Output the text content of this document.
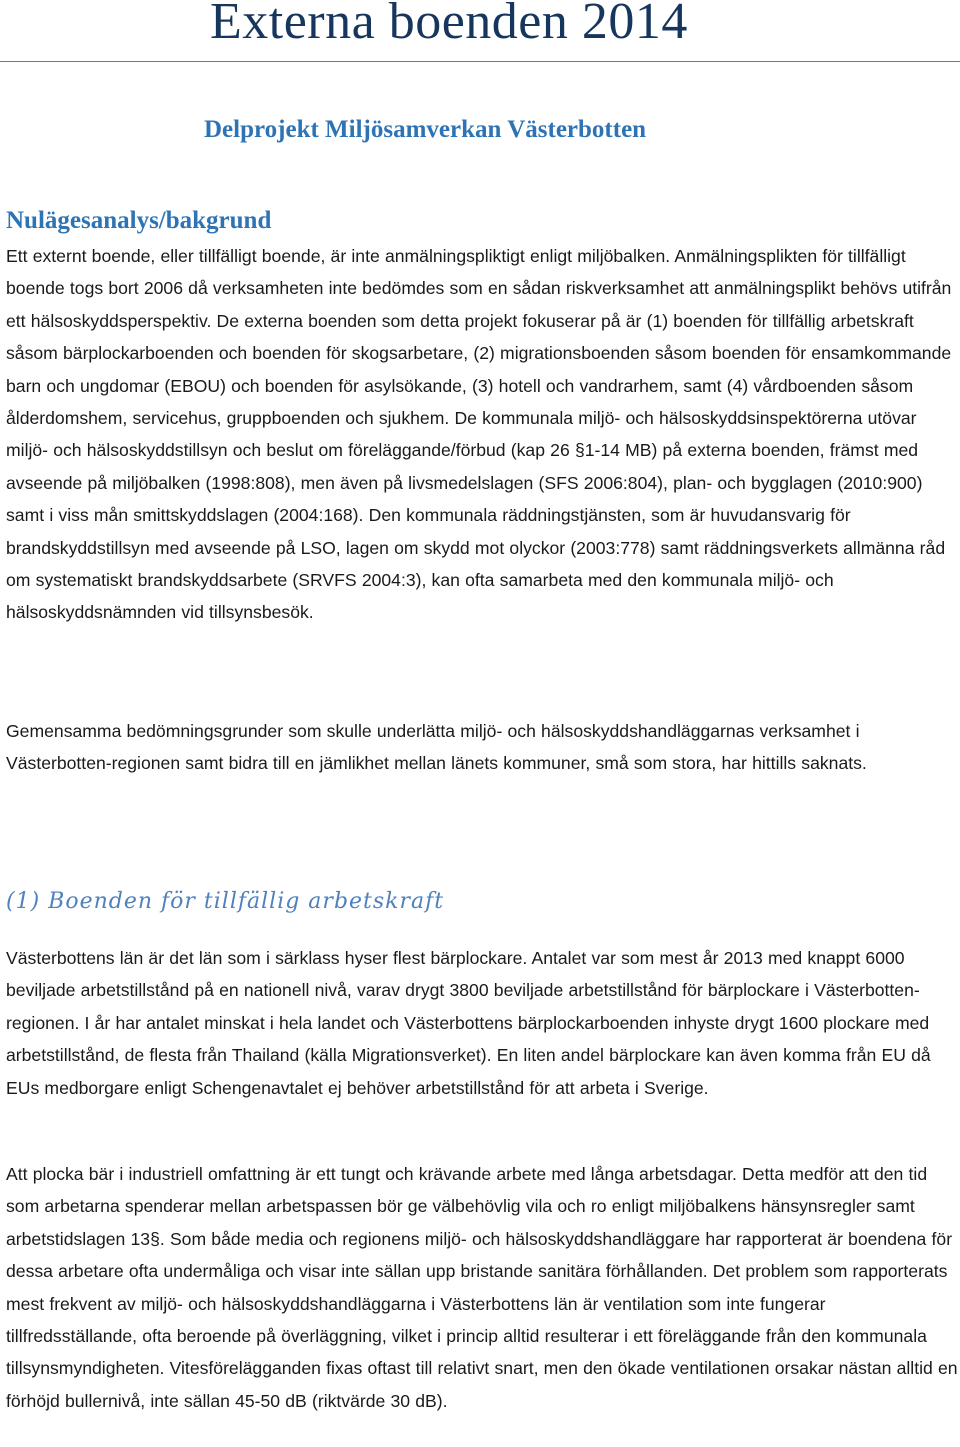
Externa boenden 2014
Delprojekt Miljösamverkan Västerbotten
Nulägesanalys/bakgrund

Ett externt boende, eller tillfälligt boende, är inte anmälningspliktigt enligt miljöbalken. Anmälningsplikten för tillfälligt boende togs bort 2006 då verksamheten inte bedömdes som en sådan riskverksamhet att anmälningsplikt behövs utifrån ett hälsoskyddsperspektiv. De externa boenden som detta projekt fokuserar på är (1) boenden för tillfällig arbetskraft såsom bärplockarboenden och boenden för skogsarbetare, (2) migrationsboenden såsom boenden för ensamkommande barn och ungdomar (EBOU) och boenden för asylsökande, (3) hotell och vandrarhem, samt (4) vårdboenden såsom ålderdomshem, servicehus, gruppboenden och sjukhem. De kommunala miljö- och hälsoskyddsinspektörerna utövar miljö- och hälsoskyddstillsyn och beslut om föreläggande/förbud (kap 26 §1-14 MB) på externa boenden, främst med avseende på miljöbalken (1998:808), men även på livsmedelslagen (SFS 2006:804), plan- och bygglagen (2010:900) samt i viss mån smittskyddslagen (2004:168). Den kommunala räddningstjänsten, som är huvudansvarig för brandskyddstillsyn med avseende på LSO, lagen om skydd mot olyckor (2003:778) samt räddningsverkets allmänna råd om systematiskt brandskyddsarbete (SRVFS 2004:3), kan ofta samarbeta med den kommunala miljö- och hälsoskyddsnämnden vid tillsynsbesök.

Gemensamma bedömningsgrunder som skulle underlätta miljö- och hälsoskyddshandläggarnas verksamhet i Västerbotten-regionen samt bidra till en jämlikhet mellan länets kommuner, små som stora, har hittills saknats.

(1) Boenden för tillfällig arbetskraft

Västerbottens län är det län som i särklass hyser flest bärplockare. Antalet var som mest år 2013 med knappt 6000 beviljade arbetstillstånd på en nationell nivå, varav drygt 3800 beviljade arbetstillstånd för bärplockare i Västerbotten-regionen. I år har antalet minskat i hela landet och Västerbottens bärplockarboenden inhyste drygt 1600 plockare med arbetstillstånd, de flesta från Thailand (källa Migrationsverket). En liten andel bärplockare kan även komma från EU då EUs medborgare enligt Schengenavtalet ej behöver arbetstillstånd för att arbeta i Sverige.

Att plocka bär i industriell omfattning är ett tungt och krävande arbete med långa arbetsdagar. Detta medför att den tid som arbetarna spenderar mellan arbetspassen bör ge välbehövlig vila och ro enligt miljöbalkens hänsynsregler samt arbetstidslagen 13§. Som både media och regionens miljö- och hälsoskyddshandläggare har rapporterat är boendena för dessa arbetare ofta undermåliga och visar inte sällan upp bristande sanitära förhållanden. Det problem som rapporterats mest frekvent av miljö- och hälsoskyddshandläggarna i Västerbottens län är ventilation som inte fungerar tillfredsställande, ofta beroende på överläggning, vilket i princip alltid resulterar i ett föreläggande från den kommunala tillsynsmyndigheten. Vitesförelägganden fixas oftast till relativt snart, men den ökade ventilationen orsakar nästan alltid en förhöjd bullernivå, inte sällan 45-50 dB (riktvärde 30 dB).
